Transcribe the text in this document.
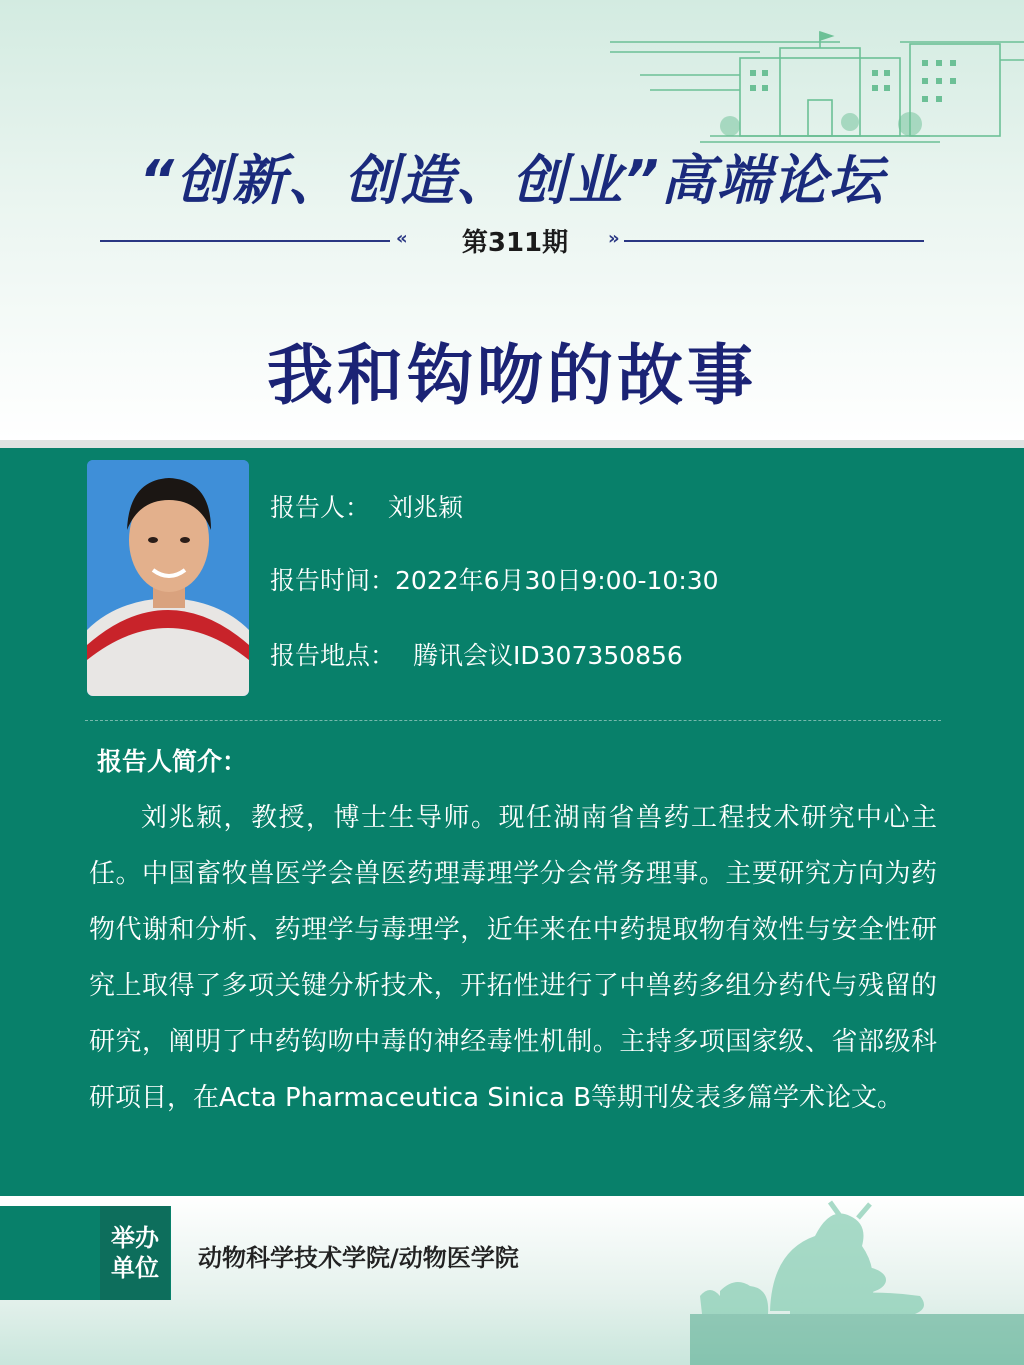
“创新、创造、创业”高端论坛
«	第311期	»
我和钩吻的故事
报告人： 刘兆颖
报告时间：2022年6月30日9:00-10:30
报告地点： 腾讯会议ID307350856
报告人简介：
刘兆颖，教授，博士生导师。现任湖南省兽药工程技术研究中心主任。中国畜牧兽医学会兽医药理毒理学分会常务理事。主要研究方向为药物代谢和分析、药理学与毒理学，近年来在中药提取物有效性与安全性研究上取得了多项关键分析技术，开拓性进行了中兽药多组分药代与残留的研究，阐明了中药钩吻中毒的神经毒性机制。主持多项国家级、省部级科研项目，在Acta Pharmaceutica Sinica B等期刊发表多篇学术论文。
举办
单位 动物科学技术学院/动物医学院
